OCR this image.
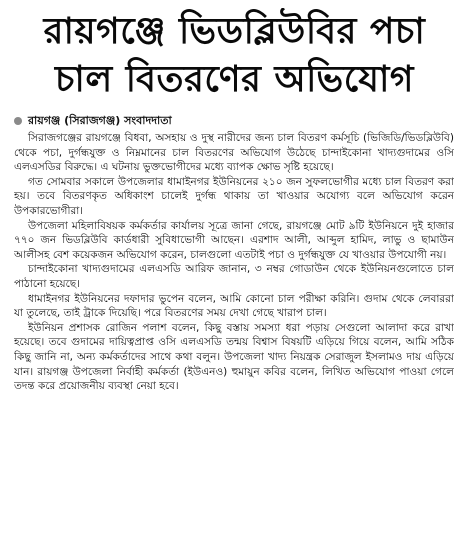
রায়গঞ্জে ভিডব্লিউবির পচা
চাল বিতরণের অভিযোগ
রায়গঞ্জ (সিরাজগঞ্জ) সংবাদদাতা

সিরাজগঞ্জের রায়গঞ্জে বিধবা, অসহায় ও দুস্থ নারীদের জন্য চাল বিতরণ কর্মসূচি (ভিজিডি/ভিডব্লিউবি) থেকে পচা, দুর্গন্ধযুক্ত ও নিম্নমানের চাল বিতরণের অভিযোগ উঠেছে চান্দাইকোনা খাদ্যগুদামের ওসি এলএসডির বিরুদ্ধে। এ ঘটনায় ভুক্তভোগীদের মধ্যে ব্যাপক ক্ষোভ সৃষ্টি হয়েছে।

গত সোমবার সকালে উপজেলার ধামাইনগর ইউনিয়নের ২১০ জন সুফলভোগীর মধ্যে চাল বিতরণ করা হয়। তবে বিতরণকৃত অধিকাংশ চালেই দুর্গন্ধ থাকায় তা খাওয়ার অযোগ্য বলে অভিযোগ করেন উপকারভোগীরা।

উপজেলা মহিলাবিষয়ক কর্মকর্তার কার্যালয় সূত্রে জানা গেছে, রায়গঞ্জে মোট ৯টি ইউনিয়নে দুই হাজার ৭৭০ জন ভিডব্লিউবি কার্ডধারী সুবিধাভোগী আছেন। এরশাদ আলী, আব্দুল হামিদ, লাভু ও ছামাউন আলীসহ বেশ কয়েকজন অভিযোগ করেন, চালগুলো এতটাই পচা ও দুর্গন্ধযুক্ত যে খাওয়ার উপযোগী নয়।

চান্দাইকোনা খাদ্যগুদামের এলএসডি আরিফ জানান, ৩ নম্বর গোডাউন থেকে ইউনিয়নগুলোতে চাল পাঠানো হয়েছে।

ধামাইনগর ইউনিয়নের দফাদার ভুপেন বলেন, আমি কোনো চাল পরীক্ষা করিনি। গুদাম থেকে লেবাররা যা তুলেছে, তাই ট্রাকে দিয়েছি। পরে বিতরণের সময় দেখা গেছে খারাপ চাল।

ইউনিয়ন প্রশাসক রোজিন পলাশ বলেন, কিছু বস্তায় সমস্যা ধরা পড়ায় সেগুলো আলাদা করে রাখা হয়েছে। তবে গুদামের দায়িত্বপ্রাপ্ত ওসি এলএসডি তন্ময় বিশ্বাস বিষয়টি এড়িয়ে গিয়ে বলেন, আমি সঠিক কিছু জানি না, অন্য কর্মকর্তাদের সাথে কথা বলুন। উপজেলা খাদ্য নিয়ন্ত্রক সেরাজুল ইসলামও দায় এড়িয়ে যান। রায়গঞ্জ উপজেলা নির্বাহী কর্মকর্তা (ইউএনও) হুমায়ুন কবির বলেন, লিখিত অভিযোগ পাওয়া গেলে তদন্ত করে প্রয়োজনীয় ব্যবস্থা নেয়া হবে।
